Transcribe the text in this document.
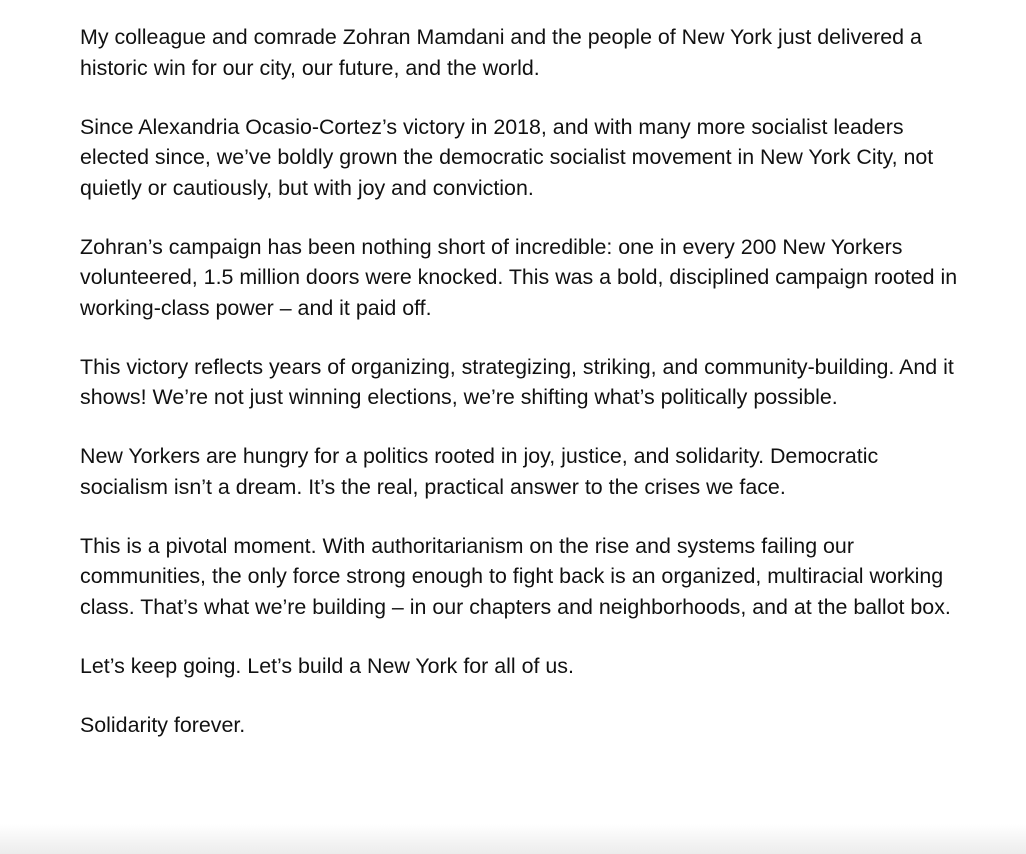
My colleague and comrade Zohran Mamdani and the people of New York just delivered a historic win for our city, our future, and the world.

Since Alexandria Ocasio-Cortez’s victory in 2018, and with many more socialist leaders elected since, we’ve boldly grown the democratic socialist movement in New York City, not quietly or cautiously, but with joy and conviction.

Zohran’s campaign has been nothing short of incredible: one in every 200 New Yorkers volunteered, 1.5 million doors were knocked. This was a bold, disciplined campaign rooted in working-class power – and it paid off.

This victory reflects years of organizing, strategizing, striking, and community-building. And it shows! We’re not just winning elections, we’re shifting what’s politically possible.

New Yorkers are hungry for a politics rooted in joy, justice, and solidarity. Democratic socialism isn’t a dream. It’s the real, practical answer to the crises we face.

This is a pivotal moment. With authoritarianism on the rise and systems failing our communities, the only force strong enough to fight back is an organized, multiracial working class. That’s what we’re building – in our chapters and neighborhoods, and at the ballot box.

Let’s keep going. Let’s build a New York for all of us.

Solidarity forever.
